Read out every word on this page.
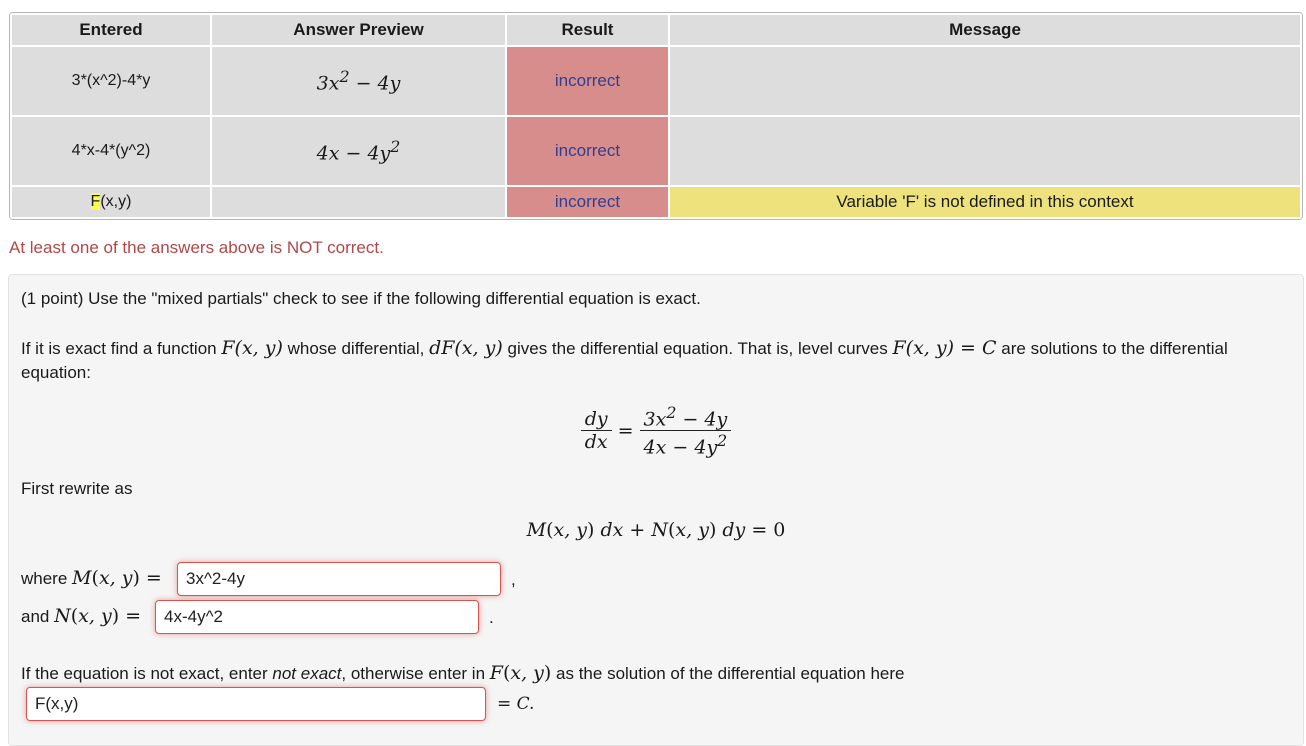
Entered	Answer Preview	Result	Message
3*(x^2)-4*y	$3x^2 - 4y$	incorrect	
4*x-4*(y^2)	$4x - 4y^2$	incorrect	
F(x,y)		incorrect	Variable 'F' is not defined in this context
At least one of the answers above is NOT correct.
(1 point) Use the "mixed partials" check to see if the following differential equation is exact.
If it is exact find a function F(x, y) whose differential, dF(x, y) gives the differential equation. That is, level curves F(x, y) = C are solutions to the differential
equation:
$\frac{dy}{dx} = \frac{3x^2 - 4y}{4x - 4y^2}$
First rewrite as
M(x, y) dx + N(x, y) dy = 0
where M(x, y) =
3x^2-4y	,
and N(x, y) =
4x-4y^2	.
If the equation is not exact, enter not exact, otherwise enter in F(x, y) as the solution of the differential equation here
F(x,y)
= C.
